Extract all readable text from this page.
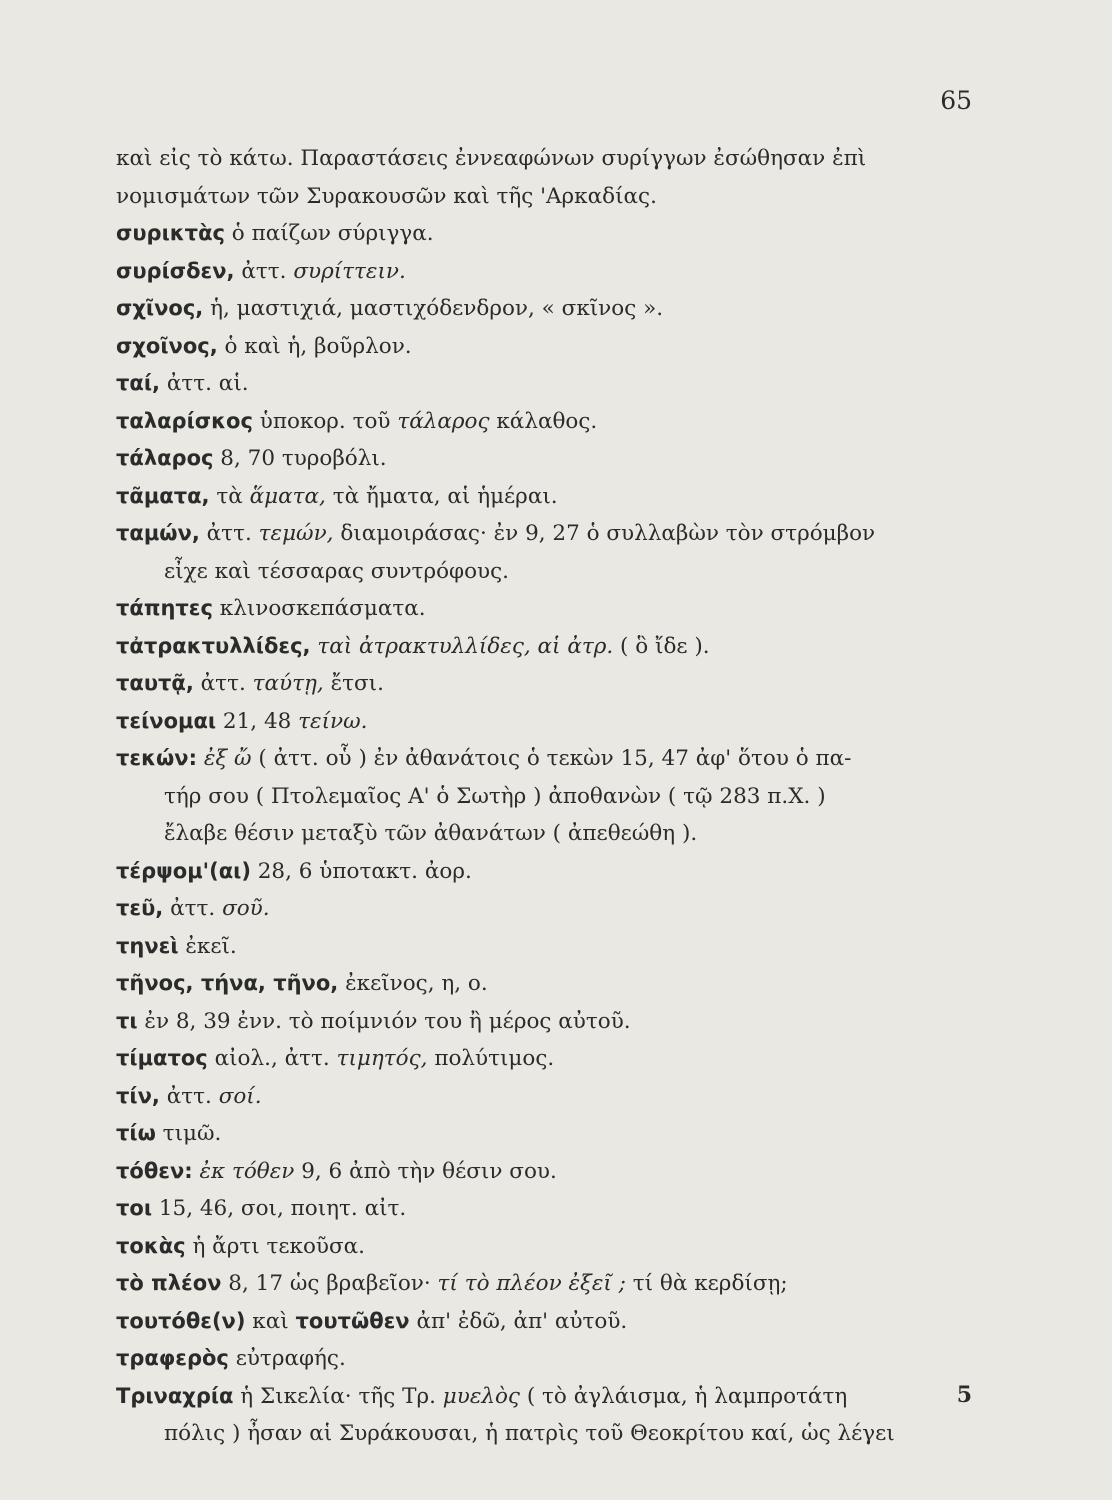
65
καὶ εἰς τὸ κάτω. Παραστάσεις ἐννεαφώνων συρίγγων ἐσώθησαν ἐπὶ
νομισμάτων τῶν Συρακουσῶν καὶ τῆς 'Αρκαδίας.
συρικτὰς ὁ παίζων σύριγγα.
συρίσδεν, ἀττ. συρίττειν.
σχῖνος, ἡ, μαστιχιά, μαστιχόδενδρον, « σκῖνος ».
σχοῖνος, ὁ καὶ ἡ, βοῦρλον.
ταί, ἀττ. αἱ.
ταλαρίσκος ὑποκορ. τοῦ τάλαρος κάλαθος.
τάλαρος 8, 70 τυροβόλι.
τᾶματα, τὰ ἅματα, τὰ ἤματα, αἱ ἡμέραι.
ταμών, ἀττ. τεμών, διαμοιράσας· ἐν 9, 27 ὁ συλλαβὼν τὸν στρόμβον
εἶχε καὶ τέσσαρας συντρόφους.
τάπητες κλινοσκεπάσματα.
τἀτρακτυλλίδες, ταὶ ἀτρακτυλλίδες, αἱ ἀτρ. ( ὃ ἴδε ).
ταυτᾷ, ἀττ. ταύτῃ, ἔτσι.
τείνομαι 21, 48 τείνω.
τεκών: ἐξ ὤ ( ἀττ. οὗ ) ἐν ἀθανάτοις ὁ τεκὼν 15, 47 ἀφ' ὅτου ὁ πα-
τήρ σου ( Πτολεμαῖος Α' ὁ Σωτὴρ ) ἀποθανὼν ( τῷ 283 π.Χ. )
ἔλαβε θέσιν μεταξὺ τῶν ἀθανάτων ( ἀπεθεώθη ).
τέρψομ'(αι) 28, 6 ὑποτακτ. ἀορ.
τεῦ, ἀττ. σοῦ.
τηνεὶ ἐκεῖ.
τῆνος, τήνα, τῆνο, ἐκεῖνος, η, ο.
τι ἐν 8, 39 ἐνν. τὸ ποίμνιόν του ἢ μέρος αὐτοῦ.
τίματος αἰολ., ἀττ. τιμητός, πολύτιμος.
τίν, ἀττ. σοί.
τίω τιμῶ.
τόθεν: ἐκ τόθεν 9, 6 ἀπὸ τὴν θέσιν σου.
τοι 15, 46, σοι, ποιητ. αἰτ.
τοκὰς ἡ ἄρτι τεκοῦσα.
τὸ πλέον 8, 17 ὡς βραβεῖον· τί τὸ πλέον ἐξεῖ ; τί θὰ κερδίσῃ;
τουτόθε(ν) καὶ τουτῶθεν ἀπ' ἐδῶ, ἀπ' αὐτοῦ.
τραφερὸς εὐτραφής.
Τριναχρία ἡ Σικελία· τῆς Τρ. μυελὸς ( τὸ ἀγλάισμα, ἡ λαμπροτάτη
πόλις ) ἦσαν αἱ Συράκουσαι, ἡ πατρὶς τοῦ Θεοκρίτου καί, ὡς λέγει
5
